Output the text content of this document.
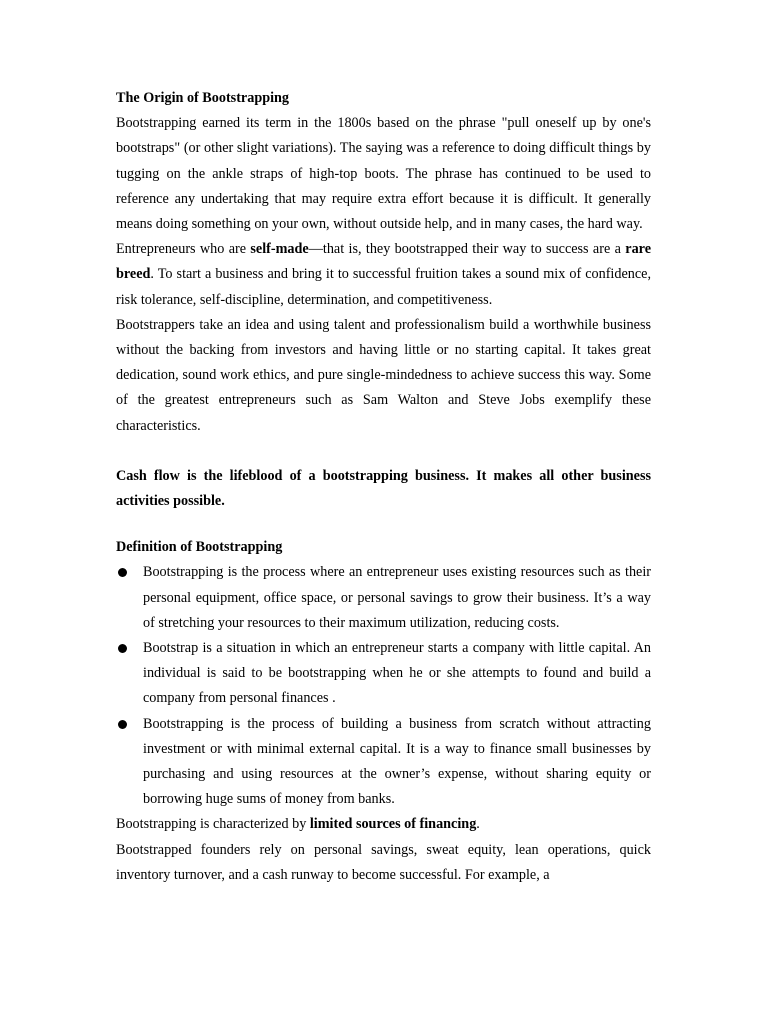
The Origin of Bootstrapping

Bootstrapping earned its term in the 1800s based on the phrase "pull oneself up by one's bootstraps" (or other slight variations). The saying was a reference to doing difficult things by tugging on the ankle straps of high-top boots. The phrase has continued to be used to reference any undertaking that may require extra effort because it is difficult. It generally means doing something on your own, without outside help, and in many cases, the hard way.

Entrepreneurs who are self-made—that is, they bootstrapped their way to success are a rare breed. To start a business and bring it to successful fruition takes a sound mix of confidence, risk tolerance, self-discipline, determination, and competitiveness.

Bootstrappers take an idea and using talent and professionalism build a worthwhile business without the backing from investors and having little or no starting capital. It takes great dedication, sound work ethics, and pure single-mindedness to achieve success this way. Some of the greatest entrepreneurs such as Sam Walton and Steve Jobs exemplify these characteristics.

Cash flow is the lifeblood of a bootstrapping business. It makes all other business activities possible.

Definition of Bootstrapping
Bootstrapping is the process where an entrepreneur uses existing resources such as their personal equipment, office space, or personal savings to grow their business. It’s a way of stretching your resources to their maximum utilization, reducing costs.
Bootstrap is a situation in which an entrepreneur starts a company with little capital. An individual is said to be bootstrapping when he or she attempts to found and build a company from personal finances .
Bootstrapping is the process of building a business from scratch without attracting investment or with minimal external capital. It is a way to finance small businesses by purchasing and using resources at the owner’s expense, without sharing equity or borrowing huge sums of money from banks.

Bootstrapping is characterized by limited sources of financing.

Bootstrapped founders rely on personal savings, sweat equity, lean operations, quick inventory turnover, and a cash runway to become successful. For example, a
